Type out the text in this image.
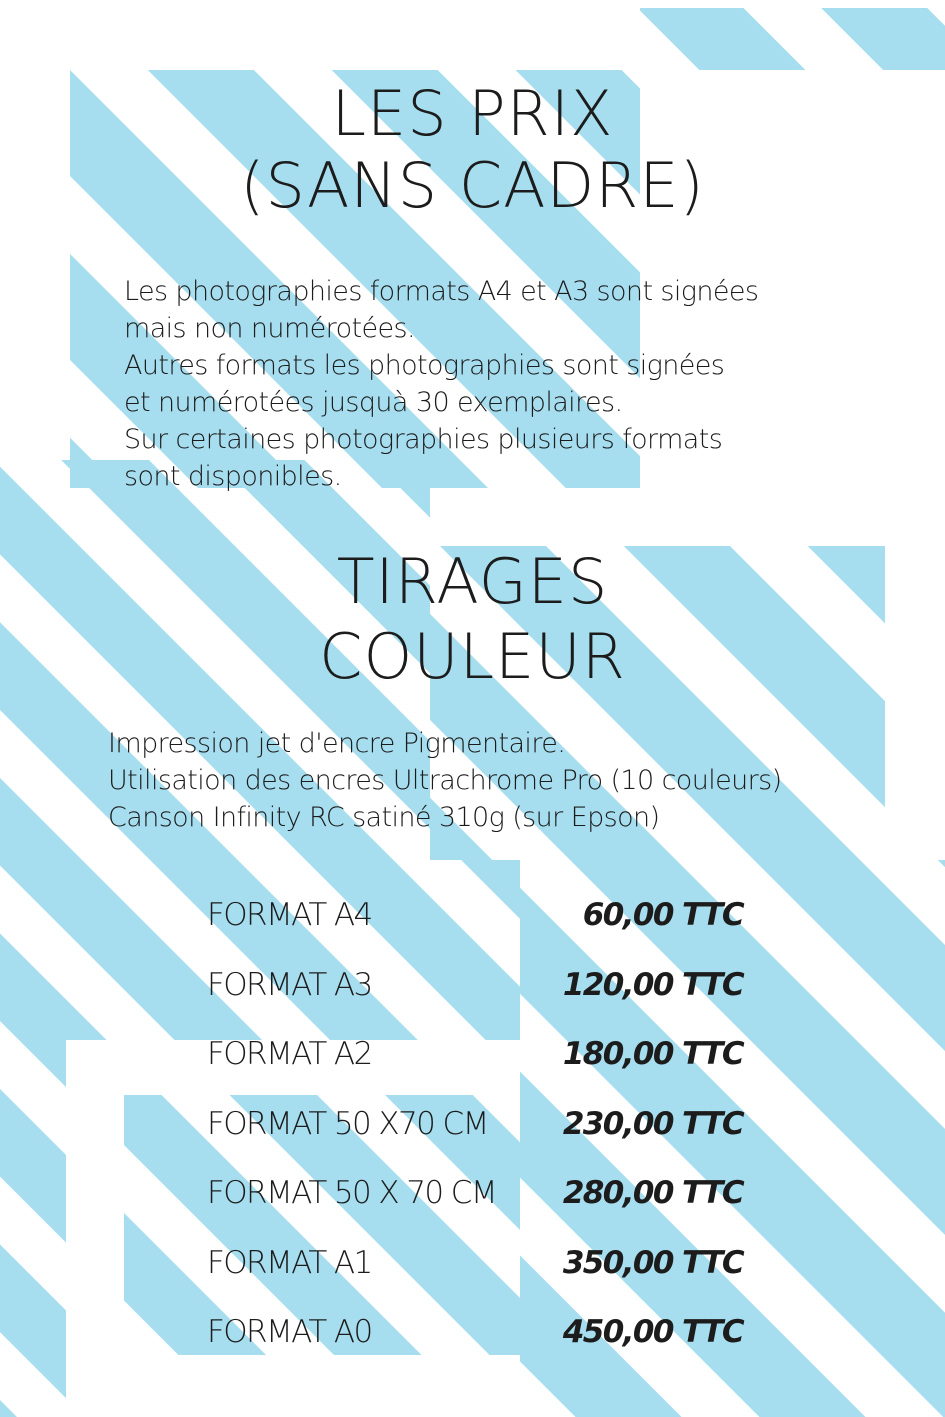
LES PRIX
(SANS CADRE)
Les photographies formats A4 et A3 sont signées
mais non numérotées.
Autres formats les photographies sont signées
et numérotées jusquà 30 exemplaires.
Sur certaines photographies plusieurs formats
sont disponibles.
TIRAGES
COULEUR
Impression jet d'encre Pigmentaire.
Utilisation des encres Ultrachrome Pro (10 couleurs)
Canson Infinity RC satiné 310g (sur Epson)
FORMAT A4	60,00 TTC
FORMAT A3	120,00 TTC
FORMAT A2	180,00 TTC
FORMAT 50 X70 CM 230,00 TTC
FORMAT 50 X 70 CM 280,00 TTC
FORMAT A1	350,00 TTC
FORMAT A0	450,00 TTC
